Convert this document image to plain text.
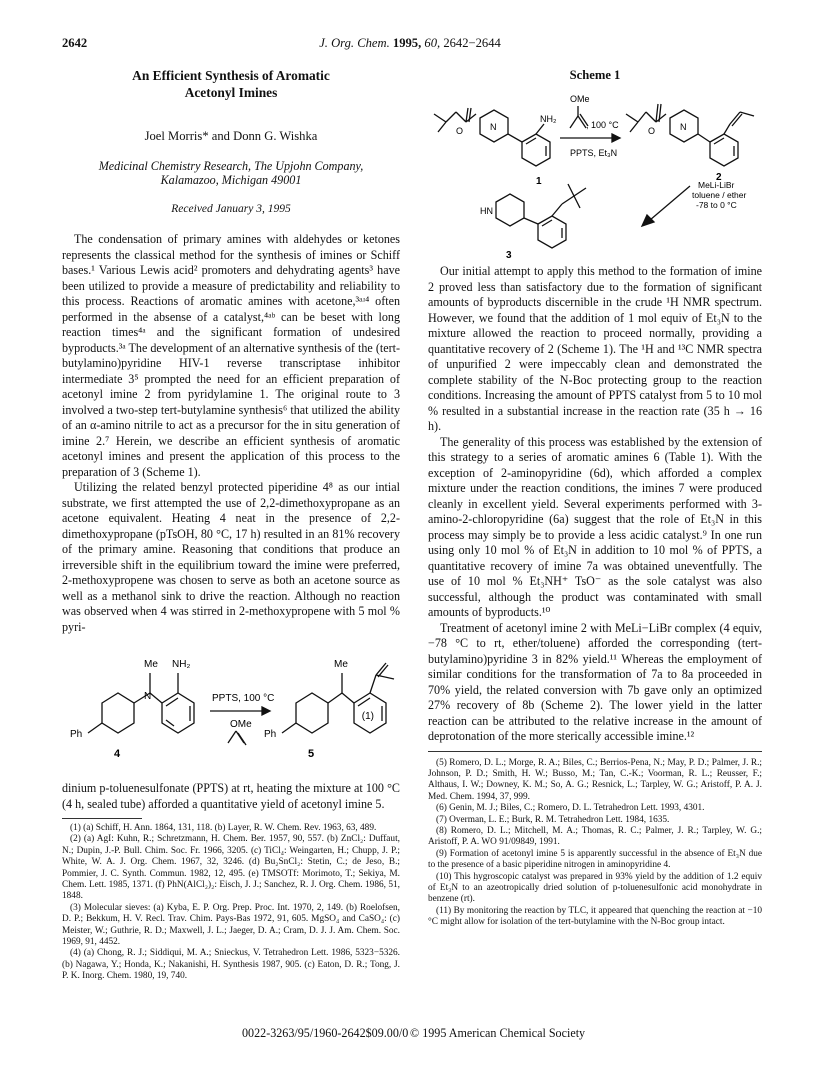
2642	J. Org. Chem. 1995, 60, 2642−2644
An Efficient Synthesis of Aromatic
Acetonyl Imines
Joel Morris* and Donn G. Wishka
Medicinal Chemistry Research, The Upjohn Company,
Kalamazoo, Michigan 49001
Received January 3, 1995

The condensation of primary amines with aldehydes or ketones represents the classical method for the synthesis of imines or Schiff bases.¹ Various Lewis acid² promoters and dehydrating agents³ have been utilized to provide a measure of predictability and reliability to this process. Reactions of aromatic amines with acetone,³ᵃʴ⁴ often performed in the absense of a catalyst,⁴ᵃᵇ can be beset with long reaction times⁴ᵃ and the significant formation of undesired byproducts.³ᵃ The development of an alternative synthesis of the (tert-butylamino)pyridine HIV-1 reverse transcriptase inhibitor intermediate 3⁵ prompted the need for an efficient preparation of acetonyl imine 2 from pyridylamine 1. The original route to 3 involved a two-step tert-butylamine synthesis⁶ that utilized the ability of an α-amino nitrile to act as a precursor for the in situ generation of imine 2.⁷ Herein, we describe an efficient synthesis of aromatic acetonyl imines and present the application of this process to the preparation of 3 (Scheme 1).

Utilizing the related benzyl protected piperidine 4⁸ as our intial substrate, we first attempted the use of 2,2-dimethoxypropane as an acetone equivalent. Heating 4 neat in the presence of 2,2-dimethoxypropane (pTsOH, 80 °C, 17 h) resulted in an 81% recovery of the primary amine. Reasoning that conditions that produce an irreversible shift in the equilibrium toward the imine were preferred, 2-methoxypropene was chosen to serve as both an acetone source as well as a methanol sink to drive the reaction. Although no reaction was observed when 4 was stirred in 2-methoxypropene with 5 mol % pyri-

Me NH₂
N
Ph
PPTS, 100 °C
OMe
4
Me
Ph
5
(1)

dinium p-toluenesulfonate (PPTS) at rt, heating the mixture at 100 °C (4 h, sealed tube) afforded a quantitative yield of acetonyl imine 5.

(1) (a) Schiff, H. Ann. 1864, 131, 118. (b) Layer, R. W. Chem. Rev. 1963, 63, 489.

(2) (a) AgI: Kuhn, R.; Schretzmann, H. Chem. Ber. 1957, 90, 557. (b) ZnCl₂: Duffaut, N.; Dupin, J.-P. Bull. Chim. Soc. Fr. 1966, 3205. (c) TiCl₄: Weingarten, H.; Chupp, J. P.; White, W. A. J. Org. Chem. 1967, 32, 3246. (d) Bu₂SnCl₂: Stetin, C.; de Jeso, B.; Pommier, J. C. Synth. Commun. 1982, 12, 495. (e) TMSOTf: Morimoto, T.; Sekiya, M. Chem. Lett. 1985, 1371. (f) PhN(AlCl₂)₂: Eisch, J. J.; Sanchez, R. J. Org. Chem. 1986, 51, 1848.

(3) Molecular sieves: (a) Kyba, E. P. Org. Prep. Proc. Int. 1970, 2, 149. (b) Roelofsen, D. P.; Bekkum, H. V. Recl. Trav. Chim. Pays-Bas 1972, 91, 605. MgSO₄ and CaSO₄: (c) Meister, W.; Guthrie, R. D.; Maxwell, J. L.; Jaeger, D. A.; Cram, D. J. J. Am. Chem. Soc. 1969, 91, 4452.

(4) (a) Chong, R. J.; Siddiqui, M. A.; Snieckus, V. Tetrahedron Lett. 1986, 5323−5326. (b) Nagawa, Y.; Honda, K.; Nakanishi, H. Synthesis 1987, 905. (c) Eaton, D. R.; Tong, J. P. K. Inorg. Chem. 1980, 19, 740.

Scheme 1
O	N
NH₂
OMe
, 100 °C
PPTS, Et₃N
1
O	N
2
MeLi-LiBr
toluene / ether
-78 to 0 °C
HN
3

Our initial attempt to apply this method to the formation of imine 2 proved less than satisfactory due to the formation of significant amounts of byproducts discernible in the crude ¹H NMR spectrum. However, we found that the addition of 1 mol equiv of Et₃N to the mixture allowed the reaction to proceed normally, providing a quantitative recovery of 2 (Scheme 1). The ¹H and ¹³C NMR spectra of unpurified 2 were impeccably clean and demonstrated the complete stability of the N-Boc protecting group to the reaction conditions. Increasing the amount of PPTS catalyst from 5 to 10 mol % resulted in a substantial increase in the reaction rate (35 h → 16 h).

The generality of this process was established by the extension of this strategy to a series of aromatic amines 6 (Table 1). With the exception of 2-aminopyridine (6d), which afforded a complex mixture under the reaction conditions, the imines 7 were produced cleanly in excellent yield. Several experiments performed with 3-amino-2-chloropyridine (6a) suggest that the role of Et₃N in this process may simply be to provide a less acidic catalyst.⁹ In one run using only 10 mol % of Et₃N in addition to 10 mol % of PPTS, a quantitative recovery of imine 7a was obtained uneventfully. The use of 10 mol % Et₃NH⁺ TsO⁻ as the sole catalyst was also successful, although the product was contaminated with small amounts of byproducts.¹⁰

Treatment of acetonyl imine 2 with MeLi−LiBr complex (4 equiv, −78 °C to rt, ether/toluene) afforded the corresponding (tert-butylamino)pyridine 3 in 82% yield.¹¹ Whereas the employment of similar conditions for the transformation of 7a to 8a proceeded in 70% yield, the related conversion with 7b gave only an optimized 27% recovery of 8b (Scheme 2). The lower yield in the latter reaction can be attributed to the relative increase in the amount of deprotonation of the more sterically accessible imine.¹²

(5) Romero, D. L.; Morge, R. A.; Biles, C.; Berrios-Pena, N.; May, P. D.; Palmer, J. R.; Johnson, P. D.; Smith, H. W.; Busso, M.; Tan, C.-K.; Voorman, R. L.; Reusser, F.; Althaus, I. W.; Downey, K. M.; So, A. G.; Resnick, L.; Tarpley, W. G.; Aristoff, P. A. J. Med. Chem. 1994, 37, 999.

(6) Genin, M. J.; Biles, C.; Romero, D. L. Tetrahedron Lett. 1993, 4301.

(7) Overman, L. E.; Burk, R. M. Tetrahedron Lett. 1984, 1635.

(8) Romero, D. L.; Mitchell, M. A.; Thomas, R. C.; Palmer, J. R.; Tarpley, W. G.; Aristoff, P. A. WO 91/09849, 1991.

(9) Formation of acetonyl imine 5 is apparently successful in the absence of Et₃N due to the presence of a basic piperidine nitrogen in aminopyridine 4.

(10) This hygroscopic catalyst was prepared in 93% yield by the addition of 1.2 equiv of Et₃N to an azeotropically dried solution of p-toluenesulfonic acid monohydrate in benzene (rt).

(11) By monitoring the reaction by TLC, it appeared that quenching the reaction at −10 °C might allow for isolation of the tert-butylamine with the N-Boc group intact.

0022-3263/95/1960-2642$09.00/0 © 1995 American Chemical Society
